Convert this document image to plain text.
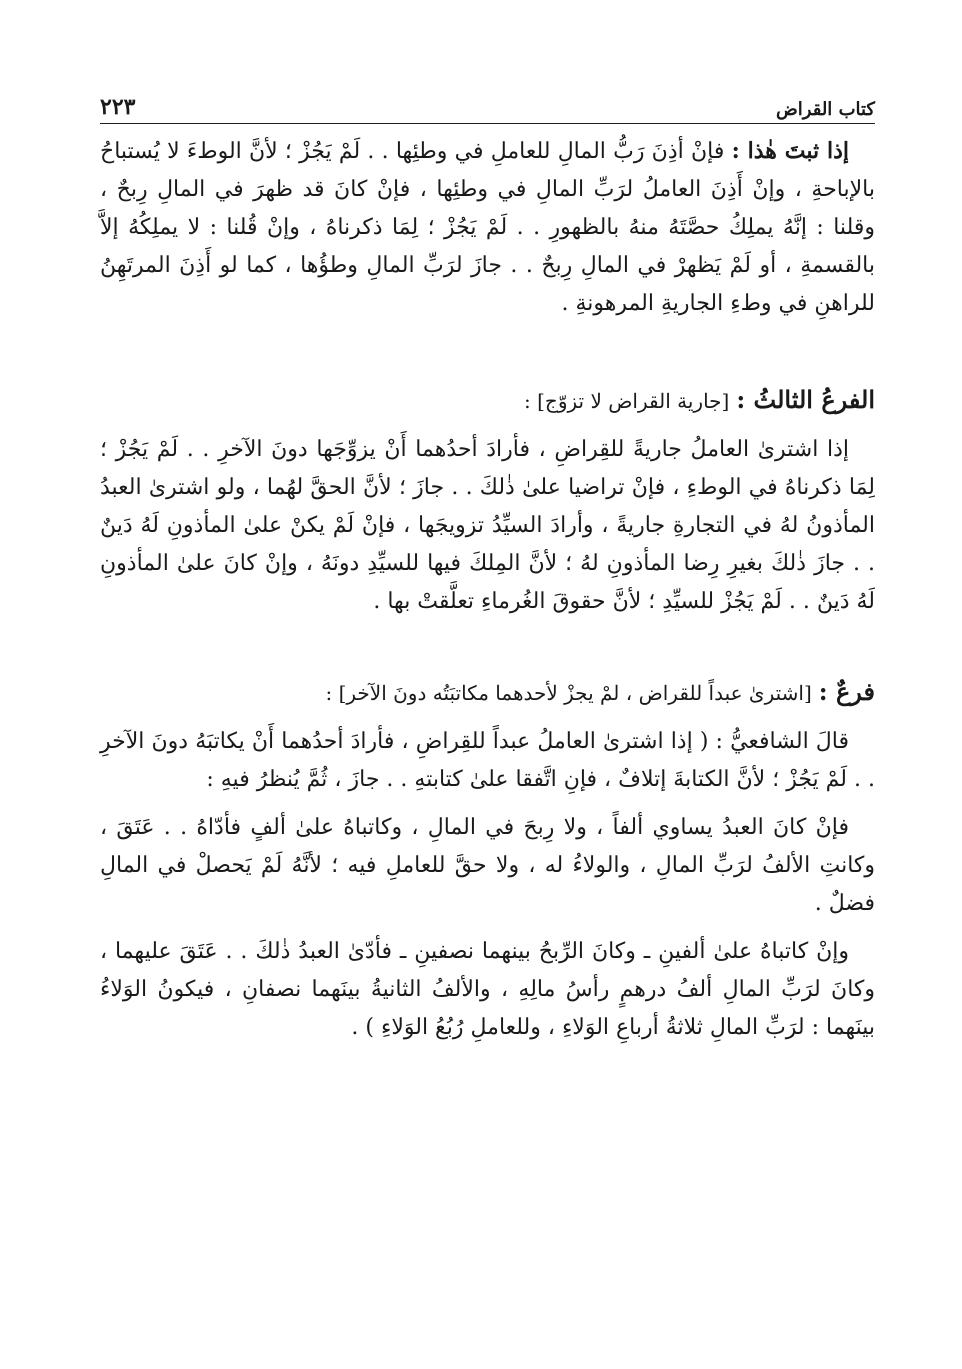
كتاب القراض
٢٢٣

إذا ثبتَ هٰذا : فإنْ أذِنَ رَبُّ المالِ للعاملِ في وطئِها . . لَمْ يَجُزْ ؛ لأنَّ الوطءَ لا يُستباحُ بالإباحةِ ، وإنْ أَذِنَ العاملُ لرَبِّ المالِ في وطئِها ، فإنْ كانَ قد ظهرَ في المالِ رِبحٌ ، وقلنا : إنَّهُ يملِكُ حصَّتَهُ منهُ بالظهورِ . . لَمْ يَجُزْ ؛ لِمَا ذكرناهُ ، وإنْ قُلنا : لا يملِكُهُ إلاَّ بالقسمةِ ، أو لَمْ يَظهرْ في المالِ رِبحٌ . . جازَ لرَبِّ المالِ وطؤُها ، كما لو أَذِنَ المرتَهِنُ للراهنِ في وطءِ الجاريةِ المرهونةِ .

الفرعُ الثالثُ : [جارية القراض لا تزوّج] :

إذا اشترىٰ العاملُ جاريةً للقِراضِ ، فأرادَ أحدُهما أَنْ يزوِّجَها دونَ الآخرِ . . لَمْ يَجُزْ ؛ لِمَا ذكرناهُ في الوطءِ ، فإنْ تراضيا علىٰ ذٰلكَ . . جازَ ؛ لأنَّ الحقَّ لهُما ، ولو اشترىٰ العبدُ المأذونُ لهُ في التجارةِ جاريةً ، وأرادَ السيِّدُ تزويجَها ، فإنْ لَمْ يكنْ علىٰ المأذونِ لَهُ دَينٌ . . جازَ ذٰلكَ بغيرِ رِضا المأذونِ لهُ ؛ لأنَّ المِلكَ فيها للسيِّدِ دونَهُ ، وإنْ كانَ علىٰ المأذونِ لَهُ دَينٌ . . لَمْ يَجُزْ للسيِّدِ ؛ لأنَّ حقوقَ الغُرماءِ تعلَّقتْ بها .

فرعٌ : [اشترىٰ عبداً للقراض ، لمْ يجزْ لأحدهما مكاتبَتُه دونَ الآخر] :

قالَ الشافعيُّ : ( إذا اشترىٰ العاملُ عبداً للقِراضِ ، فأرادَ أحدُهما أَنْ يكاتبَهُ دونَ الآخرِ . . لَمْ يَجُزْ ؛ لأنَّ الكتابةَ إتلافٌ ، فإنِ اتَّفقا علىٰ كتابتهِ . . جازَ ، ثُمَّ يُنظرُ فيهِ :

فإنْ كانَ العبدُ يساوي ألفاً ، ولا رِبحَ في المالِ ، وكاتباهُ علىٰ ألفٍ فأدّاهُ . . عَتَقَ ، وكانتِ الألفُ لرَبِّ المالِ ، والولاءُ له ، ولا حقَّ للعاملِ فيه ؛ لأنَّهُ لَمْ يَحصلْ في المالِ فضلٌ .

وإنْ كاتباهُ علىٰ ألفينِ ـ وكانَ الرِّبحُ بينهما نصفينِ ـ فأدّىٰ العبدُ ذٰلكَ . . عَتَقَ عليهما ، وكانَ لرَبِّ المالِ ألفُ درهمٍ رأسُ مالِهِ ، والألفُ الثانيةُ بينَهما نصفانِ ، فيكونُ الوَلاءُ بينَهما : لرَبِّ المالِ ثلاثةُ أرباعِ الوَلاءِ ، وللعاملِ رُبُعُ الوَلاءِ ) .
